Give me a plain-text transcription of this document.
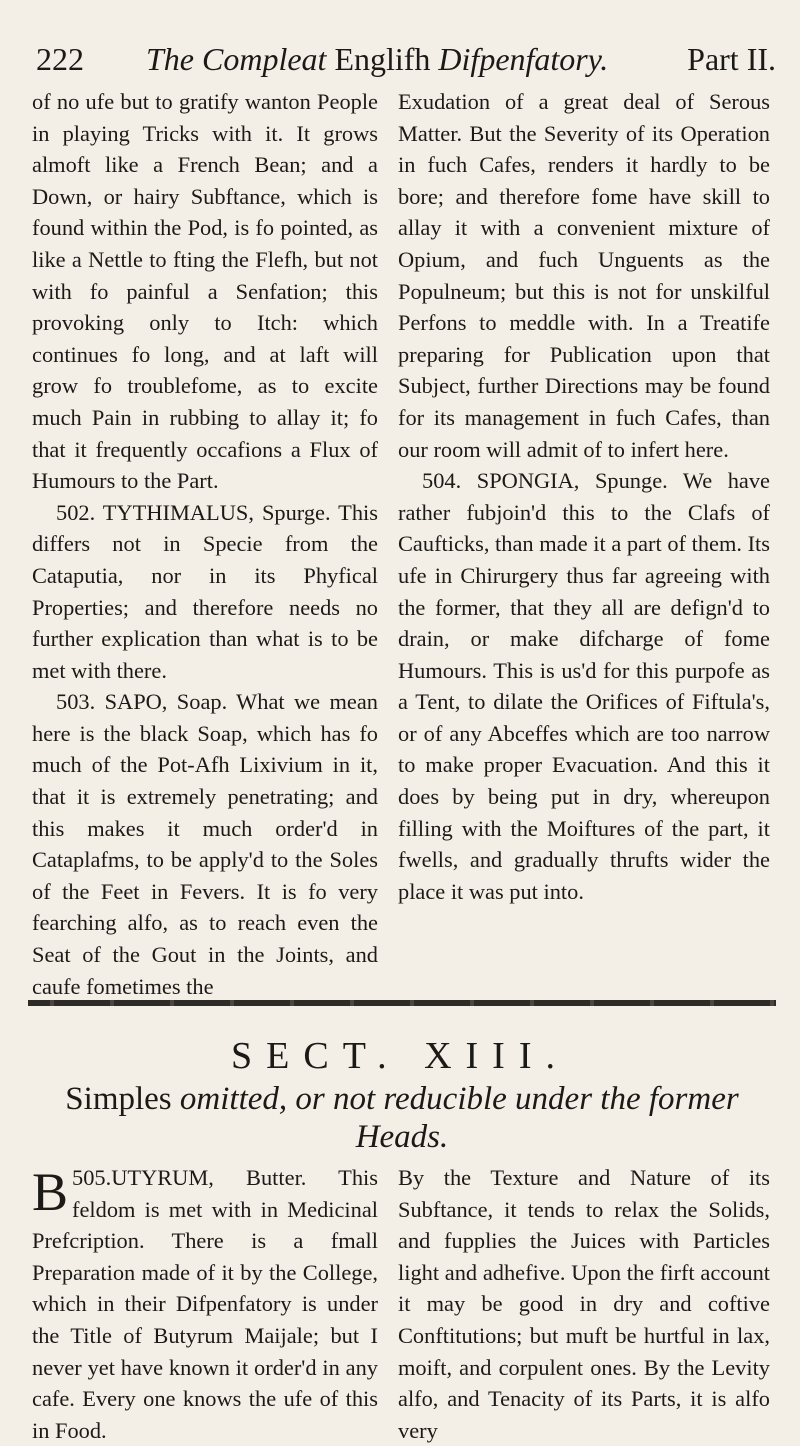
222 The Compleat Englifh Difpenfatory. Part II.

of no ufe but to gratify wanton People in playing Tricks with it. It grows almoft like a French Bean; and a Down, or hairy Subftance, which is found within the Pod, is fo pointed, as like a Nettle to fting the Flefh, but not with fo painful a Senfation; this provoking only to Itch: which continues fo long, and at laft will grow fo troublefome, as to excite much Pain in rubbing to allay it; fo that it frequently occafions a Flux of Humours to the Part.

502. TYTHIMALUS, Spurge. This differs not in Specie from the Cataputia, nor in its Phyfical Properties; and therefore needs no further explication than what is to be met with there.

503. SAPO, Soap. What we mean here is the black Soap, which has fo much of the Pot-Afh Lixivium in it, that it is extremely penetrating; and this makes it much order'd in Cataplafms, to be apply'd to the Soles of the Feet in Fevers. It is fo very fearching alfo, as to reach even the Seat of the Gout in the Joints, and caufe fometimes the

Exudation of a great deal of Serous Matter. But the Severity of its Operation in fuch Cafes, renders it hardly to be bore; and therefore fome have skill to allay it with a convenient mixture of Opium, and fuch Unguents as the Populneum; but this is not for unskilful Perfons to meddle with. In a Treatife preparing for Publication upon that Subject, further Directions may be found for its management in fuch Cafes, than our room will admit of to infert here.

504. SPONGIA, Spunge. We have rather fubjoin'd this to the Clafs of Caufticks, than made it a part of them. Its ufe in Chirurgery thus far agreeing with the former, that they all are defign'd to drain, or make difcharge of fome Humours. This is us'd for this purpofe as a Tent, to dilate the Orifices of Fiftula's, or of any Abceffes which are too narrow to make proper Evacuation. And this it does by being put in dry, whereupon filling with the Moiftures of the part, it fwells, and gradually thrufts wider the place it was put into.

SECT. XIII.
Simples omitted, or not reducible under the former Heads.

505.
B UTYRUM, Butter. This feldom is met with in Medicinal Prefcription. There is a fmall Preparation made of it by the College, which in their Difpenfatory is under the Title of Butyrum Maijale; but I never yet have known it order'd in any cafe. Every one knows the ufe of this in Food.

By the Texture and Nature of its Subftance, it tends to relax the Solids, and fupplies the Juices with Particles light and adhefive. Upon the firft account it may be good in dry and coftive Conftitutions; but muft be hurtful in lax, moift, and corpulent ones. By the Levity alfo, and Tenacity of its Parts, it is alfo very
